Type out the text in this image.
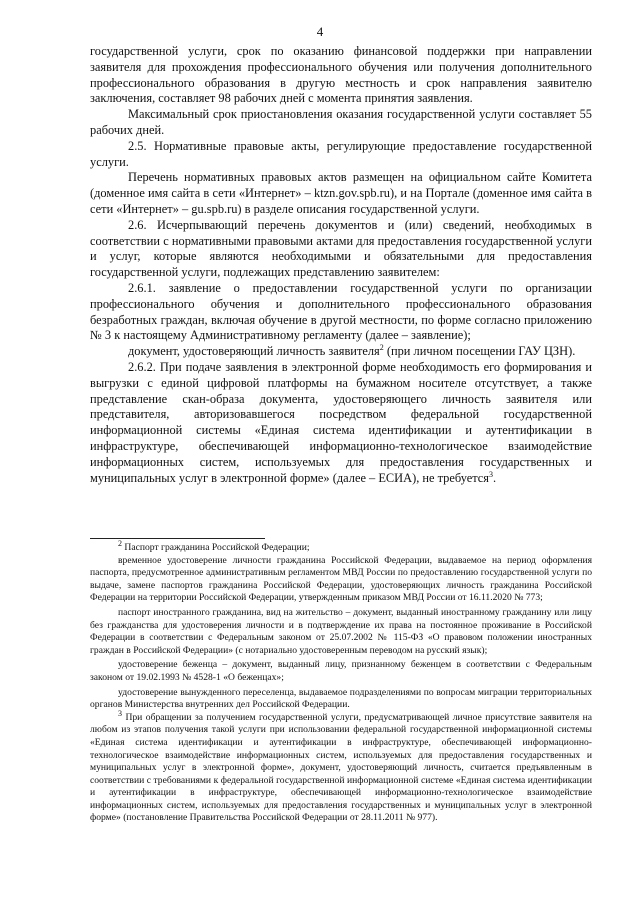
4

государственной услуги, срок по оказанию финансовой поддержки при направлении заявителя для прохождения профессионального обучения или получения дополнительного профессионального образования в другую местность и срок направления заявителю заключения, составляет 98 рабочих дней с момента принятия заявления.

Максимальный срок приостановления оказания государственной услуги составляет 55 рабочих дней.

2.5. Нормативные правовые акты, регулирующие предоставление государственной услуги.

Перечень нормативных правовых актов размещен на официальном сайте Комитета (доменное имя сайта в сети «Интернет» – ktzn.gov.spb.ru), и на Портале (доменное имя сайта в сети «Интернет» – gu.spb.ru) в разделе описания государственной услуги.

2.6. Исчерпывающий перечень документов и (или) сведений, необходимых в соответствии с нормативными правовыми актами для предоставления государственной услуги и услуг, которые являются необходимыми и обязательными для предоставления государственной услуги, подлежащих представлению заявителем:

2.6.1. заявление о предоставлении государственной услуги по организации профессионального обучения и дополнительного профессионального образования безработных граждан, включая обучение в другой местности, по форме согласно приложению № 3 к настоящему Административному регламенту (далее – заявление);

документ, удостоверяющий личность заявителя$^2$ (при личном посещении ГАУ ЦЗН).

2.6.2. При подаче заявления в электронной форме необходимость его формирования и выгрузки с единой цифровой платформы на бумажном носителе отсутствует, а также представление скан-образа документа, удостоверяющего личность заявителя или представителя, авторизовавшегося посредством федеральной государственной информационной системы «Единая система идентификации и аутентификации в инфраструктуре, обеспечивающей информационно-технологическое взаимодействие информационных систем, используемых для предоставления государственных и муниципальных услуг в электронной форме» (далее – ЕСИА), не требуется$^3$.

$^2$ Паспорт гражданина Российской Федерации;

временное удостоверение личности гражданина Российской Федерации, выдаваемое на период оформления паспорта, предусмотренное административным регламентом МВД России по предоставлению государственной услуги по выдаче, замене паспортов гражданина Российской Федерации, удостоверяющих личность гражданина Российской Федерации на территории Российской Федерации, утвержденным приказом МВД России от 16.11.2020 № 773;

паспорт иностранного гражданина, вид на жительство – документ, выданный иностранному гражданину или лицу без гражданства для удостоверения личности и в подтверждение их права на постоянное проживание в Российской Федерации в соответствии с Федеральным законом от 25.07.2002 № 115-ФЗ «О правовом положении иностранных граждан в Российской Федерации» (с нотариально удостоверенным переводом на русский язык);

удостоверение беженца – документ, выданный лицу, признанному беженцем в соответствии с Федеральным законом от 19.02.1993 № 4528-1 «О беженцах»;

удостоверение вынужденного переселенца, выдаваемое подразделениями по вопросам миграции территориальных органов Министерства внутренних дел Российской Федерации.

$^3$ При обращении за получением государственной услуги, предусматривающей личное присутствие заявителя на любом из этапов получения такой услуги при использовании федеральной государственной информационной системы «Единая система идентификации и аутентификации в инфраструктуре, обеспечивающей информационно-технологическое взаимодействие информационных систем, используемых для предоставления государственных и муниципальных услуг в электронной форме», документ, удостоверяющий личность, считается предъявленным в соответствии с требованиями к федеральной государственной информационной системе «Единая система идентификации и аутентификации в инфраструктуре, обеспечивающей информационно-технологическое взаимодействие информационных систем, используемых для предоставления государственных и муниципальных услуг в электронной форме» (постановление Правительства Российской Федерации от 28.11.2011 № 977).
